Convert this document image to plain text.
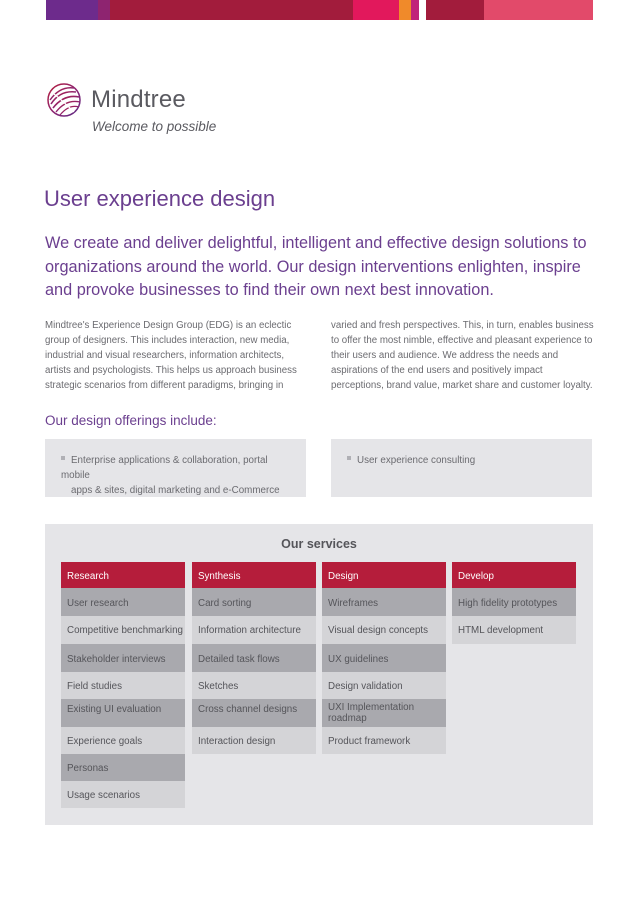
Mindtree
Welcome to possible
User experience design

We create and deliver delightful, intelligent and effective design solutions to organizations around the world. Our design interventions enlighten, inspire and provoke businesses to find their own next best innovation.

Mindtree's Experience Design Group (EDG) is an eclectic group of designers. This includes interaction, new media, industrial and visual researchers, information architects, artists and psychologists. This helps us approach business strategic scenarios from different paradigms, bringing in

varied and fresh perspectives. This, in turn, enables business to offer the most nimble, effective and pleasant experience to their users and audience. We address the needs and aspirations of the end users and positively impact perceptions, brand value, market share and customer loyalty.

Our design offerings include:
Enterprise applications & collaboration, portal mobile
apps & sites, digital marketing and e-Commerce
User experience consulting
Our services
Research
User research
Competitive benchmarking
Stakeholder interviews
Field studies
Existing UI evaluation
Experience goals
Personas
Usage scenarios
Synthesis
Card sorting
Information architecture
Detailed task flows
Sketches
Cross channel designs
Interaction design
Design
Wireframes
Visual design concepts
UX guidelines
Design validation
UXI Implementation roadmap
Product framework
Develop
High fidelity prototypes
HTML development
